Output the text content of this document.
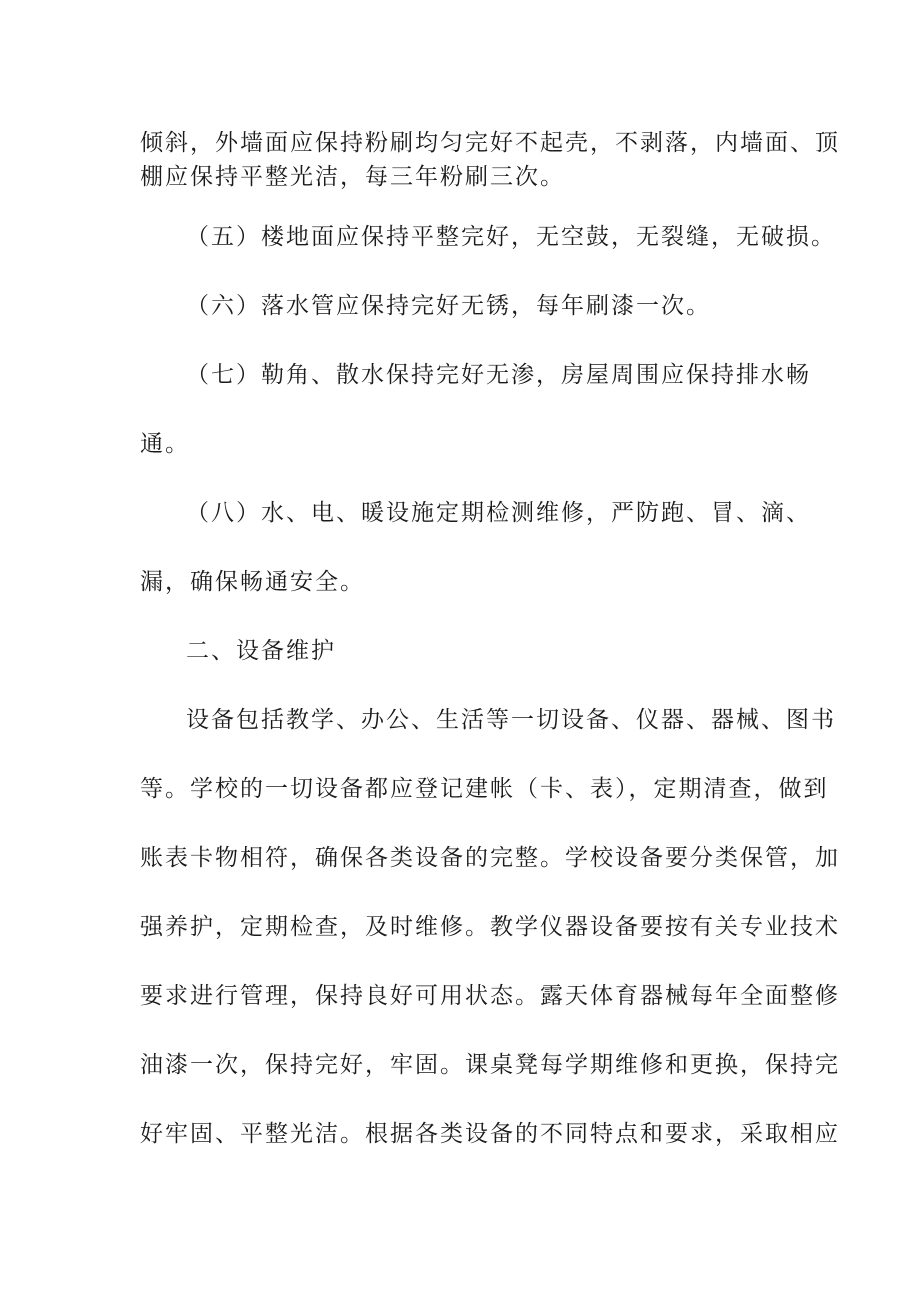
倾斜，外墙面应保持粉刷均匀完好不起壳，不剥落，内墙面、顶
棚应保持平整光洁，每三年粉刷三次。
（五）楼地面应保持平整完好，无空鼓，无裂缝，无破损。
（六）落水管应保持完好无锈，每年刷漆一次。
（七）勒角、散水保持完好无渗，房屋周围应保持排水畅
通。
（八）水、电、暖设施定期检测维修，严防跑、冒、滴、
漏，确保畅通安全。
二、设备维护
设备包括教学、办公、生活等一切设备、仪器、器械、图书
等。学校的一切设备都应登记建帐（卡、表），定期清查，做到
账表卡物相符，确保各类设备的完整。学校设备要分类保管，加
强养护，定期检查，及时维修。教学仪器设备要按有关专业技术
要求进行管理，保持良好可用状态。露天体育器械每年全面整修
油漆一次，保持完好，牢固。课桌凳每学期维修和更换，保持完
好牢固、平整光洁。根据各类设备的不同特点和要求，采取相应
